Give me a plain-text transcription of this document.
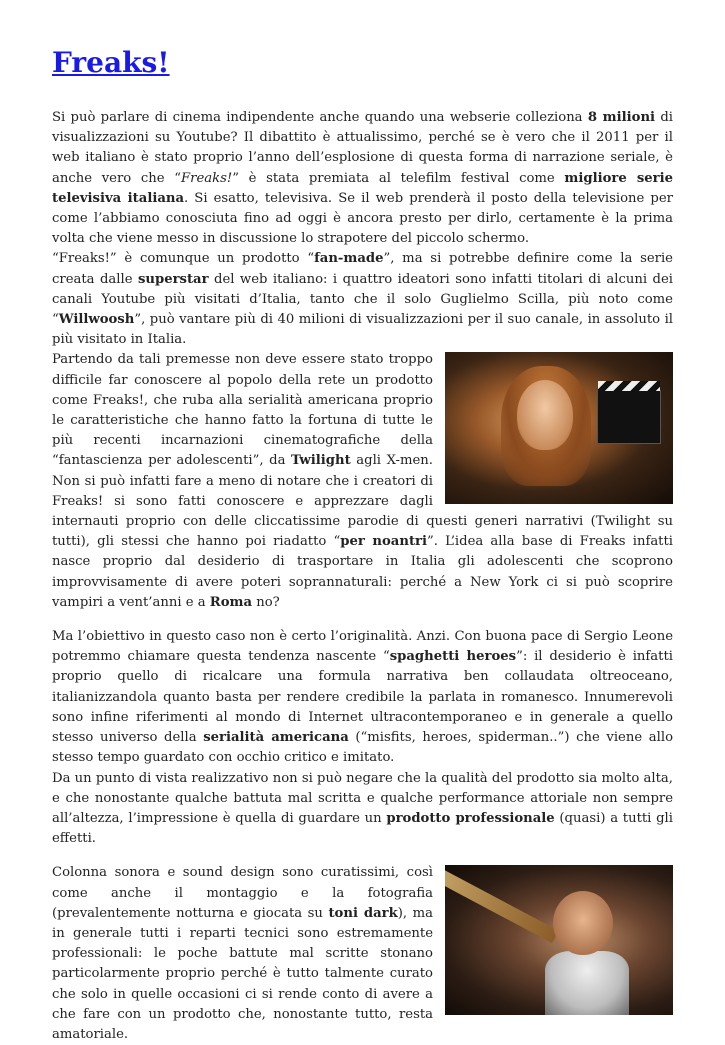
Freaks!

Si può parlare di cinema indipendente anche quando una webserie colleziona 8 milioni di visualizzazioni su Youtube? Il dibattito è attualissimo, perché se è vero che il 2011 per il web italiano è stato proprio l’anno dell’esplosione di questa forma di narrazione seriale, è anche vero che “Freaks!” è stata premiata al telefilm festival come migliore serie televisiva italiana. Si esatto, televisiva. Se il web prenderà il posto della televisione per come l’abbiamo conosciuta fino ad oggi è ancora presto per dirlo, certamente è la prima volta che viene messo in discussione lo strapotere del piccolo schermo.

“Freaks!” è comunque un prodotto “fan-made”, ma si potrebbe definire come la serie creata dalle superstar del web italiano: i quattro ideatori sono infatti titolari di alcuni dei canali Youtube più visitati d’Italia, tanto che il solo Guglielmo Scilla, più noto come “Willwoosh”, può vantare più di 40 milioni di visualizzazioni per il suo canale, in assoluto il più visitato in Italia.

Partendo da tali premesse non deve essere stato troppo difficile far conoscere al popolo della rete un prodotto come Freaks!, che ruba alla serialità americana proprio le caratteristiche che hanno fatto la fortuna di tutte le più recenti incarnazioni cinematografiche della “fantascienza per adolescenti”, da Twilight agli X-men. Non si può infatti fare a meno di notare che i creatori di Freaks! si sono fatti conoscere e apprezzare dagli internauti proprio con delle cliccatissime parodie di questi generi narrativi (Twilight su tutti), gli stessi che hanno poi riadatto “per noantri”. L’idea alla base di Freaks infatti nasce proprio dal desiderio di trasportare in Italia gli adolescenti che scoprono improvvisamente di avere poteri soprannaturali: perché a New York ci si può scoprire vampiri a vent’anni e a Roma no?

Ma l’obiettivo in questo caso non è certo l’originalità. Anzi. Con buona pace di Sergio Leone potremmo chiamare questa tendenza nascente “spaghetti heroes”: il desiderio è infatti proprio quello di ricalcare una formula narrativa ben collaudata oltreoceano, italianizzandola quanto basta per rendere credibile la parlata in romanesco. Innumerevoli sono infine riferimenti al mondo di Internet ultracontemporaneo e in generale a quello stesso universo della serialità americana (“misfits, heroes, spiderman..”) che viene allo stesso tempo guardato con occhio critico e imitato.

Da un punto di vista realizzativo non si può negare che la qualità del prodotto sia molto alta, e che nonostante qualche battuta mal scritta e qualche performance attoriale non sempre all’altezza, l’impressione è quella di guardare un prodotto professionale (quasi) a tutti gli effetti.

Colonna sonora e sound design sono curatissimi, così come anche il montaggio e la fotografia (prevalentemente notturna e giocata su toni dark), ma in generale tutti i reparti tecnici sono estremamente professionali: le poche battute mal scritte stonano particolarmente proprio perché è tutto talmente curato che solo in quelle occasioni ci si rende conto di avere a che fare con un prodotto che, nonostante tutto, resta amatoriale.
